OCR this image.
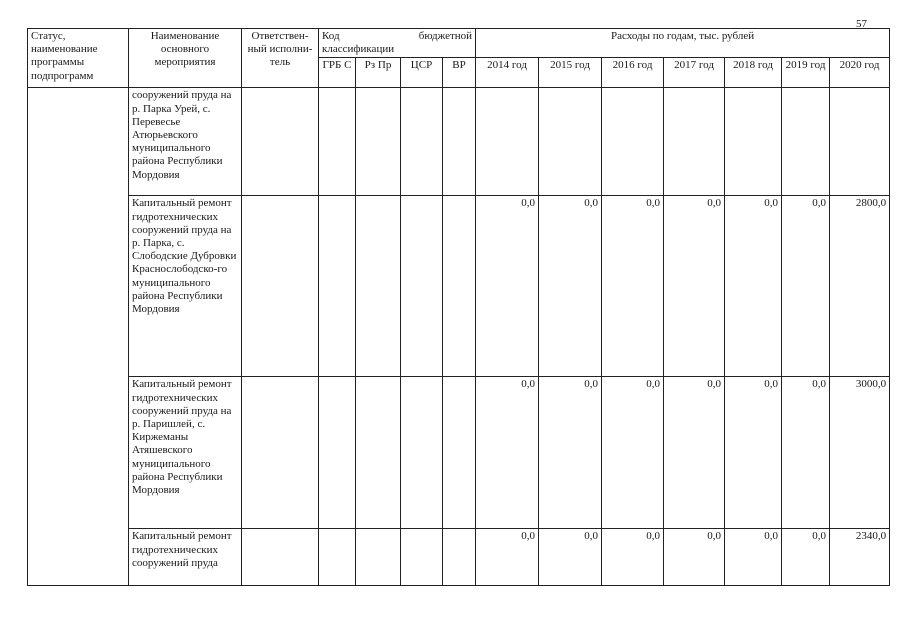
57
Статус, наименование программы подпрограмм	Наименование основного мероприятия	Ответствен-ный исполни-тель	Код бюджетной
классификации				Расходы по годам, тыс. рублей						
			ГРБ С	Рз Пр	ЦСР	ВР	2014 год	2015 год	2016 год	2017 год	2018 год	2019 год	2020 год
	сооружений пруда на р. Парка Урей, с. Перевесье Атюрьевского муниципального района Республики Мордовия												
	Капитальный ремонт гидротехнических сооружений пруда на р. Парка, с. Слободские Дубровки Краснослободско-го муниципального района Республики Мордовия						0,0	0,0	0,0	0,0	0,0	0,0	2800,0
	Капитальный ремонт гидротехнических сооружений пруда на р. Паришлей, с. Киржеманы Атяшевского муниципального района Республики Мордовия						0,0	0,0	0,0	0,0	0,0	0,0	3000,0
	Капитальный ремонт гидротехнических сооружений пруда						0,0	0,0	0,0	0,0	0,0	0,0	2340,0
